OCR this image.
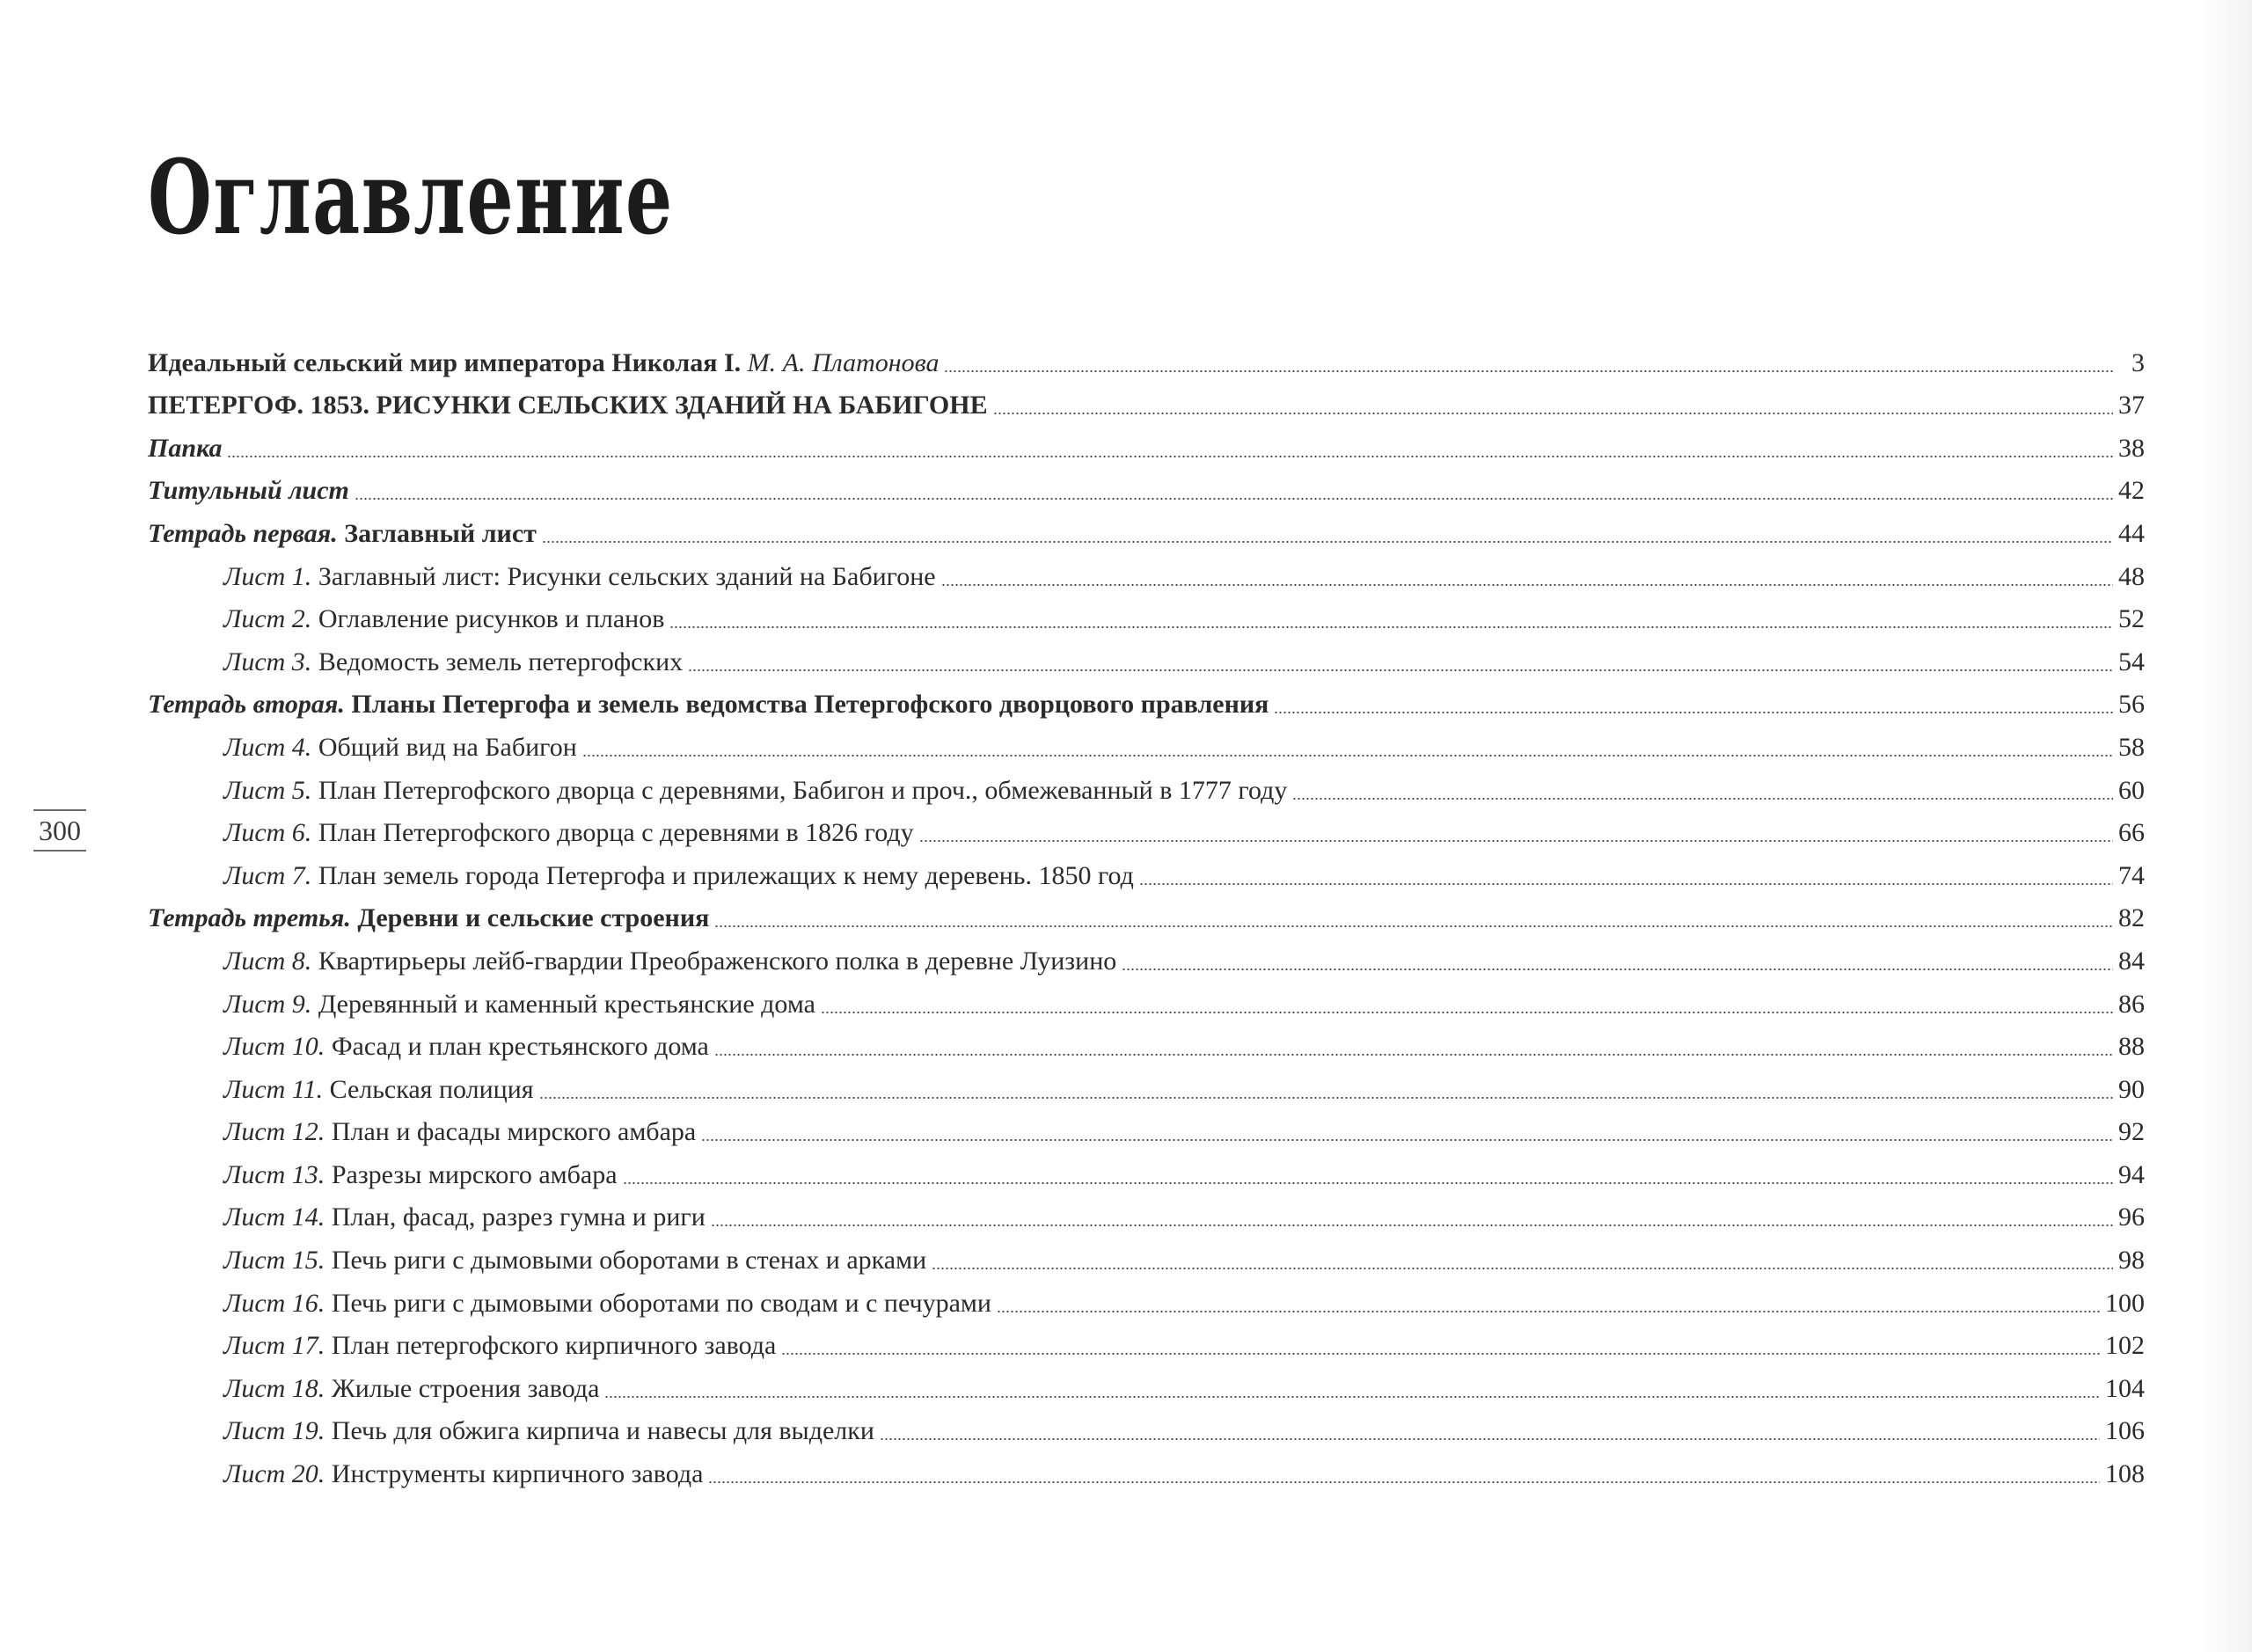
Оглавление
300
Идеальный сельский мир императора Николая I. М. А. Платонова	3
ПЕТЕРГОФ. 1853. РИСУНКИ СЕЛЬСКИХ ЗДАНИЙ НА БАБИГОНЕ	37
Папка	38
Титульный лист	42
Тетрадь первая. Заглавный лист	44
Лист 1. Заглавный лист: Рисунки сельских зданий на Бабигоне	48
Лист 2. Оглавление рисунков и планов	52
Лист 3. Ведомость земель петергофских	54
Тетрадь вторая. Планы Петергофа и земель ведомства Петергофского дворцового правления	56
Лист 4. Общий вид на Бабигон	58
Лист 5. План Петергофского дворца с деревнями, Бабигон и проч., обмежеванный в 1777 году	60
Лист 6. План Петергофского дворца с деревнями в 1826 году	66
Лист 7. План земель города Петергофа и прилежащих к нему деревень. 1850 год	74
Тетрадь третья. Деревни и сельские строения	82
Лист 8. Квартирьеры лейб-гвардии Преображенского полка в деревне Луизино	84
Лист 9. Деревянный и каменный крестьянские дома	86
Лист 10. Фасад и план крестьянского дома	88
Лист 11. Сельская полиция	90
Лист 12. План и фасады мирского амбара	92
Лист 13. Разрезы мирского амбара	94
Лист 14. План, фасад, разрез гумна и риги	96
Лист 15. Печь риги с дымовыми оборотами в стенах и арками	98
Лист 16. Печь риги с дымовыми оборотами по сводам и с печурами	100
Лист 17. План петергофского кирпичного завода	102
Лист 18. Жилые строения завода	104
Лист 19. Печь для обжига кирпича и навесы для выделки	106
Лист 20. Инструменты кирпичного завода	108
